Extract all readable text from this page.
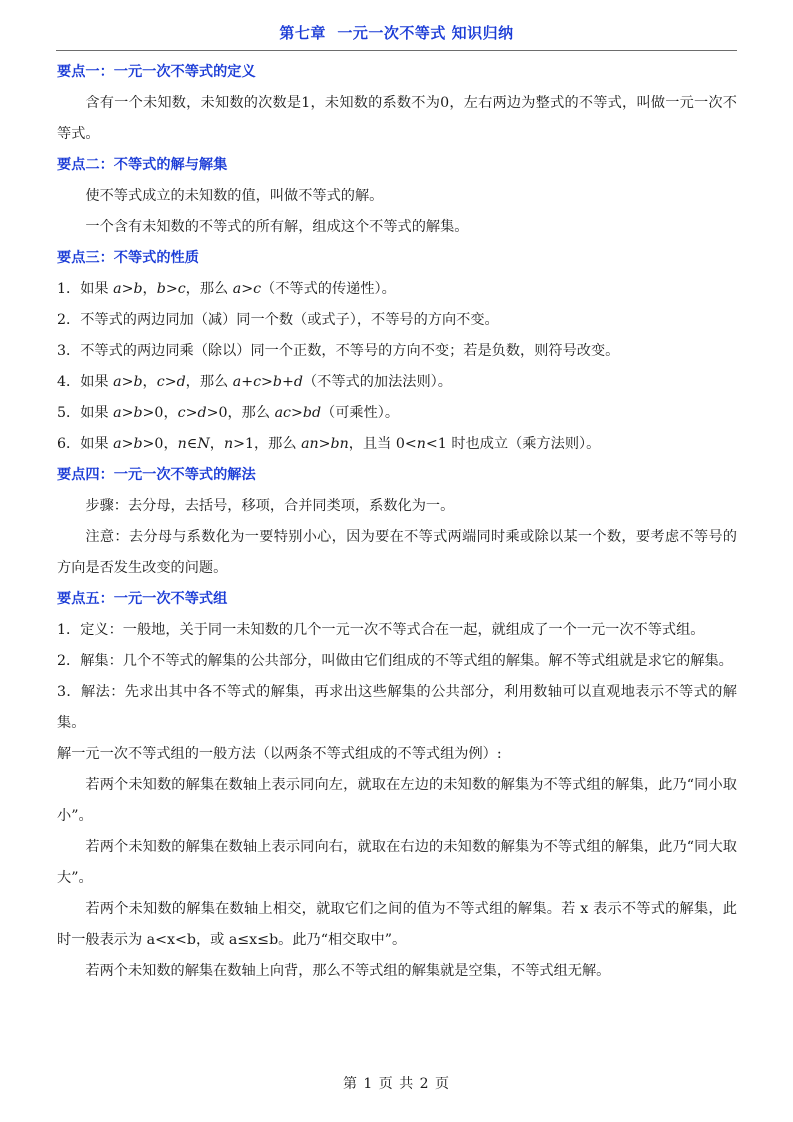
第七章  一元一次不等式 知识归纳
要点一：一元一次不等式的定义
含有一个未知数，未知数的次数是1，未知数的系数不为0，左右两边为整式的不等式，叫做一元一次不等式。
要点二：不等式的解与解集
使不等式成立的未知数的值，叫做不等式的解。
一个含有未知数的不等式的所有解，组成这个不等式的解集。
要点三：不等式的性质
1．如果 a>b，b>c，那么 a>c（不等式的传递性）。
2．不等式的两边同加（减）同一个数（或式子），不等号的方向不变。
3．不等式的两边同乘（除以）同一个正数，不等号的方向不变；若是负数，则符号改变。
4．如果 a>b，c>d，那么 a+c>b+d（不等式的加法法则）。
5．如果 a>b>0，c>d>0，那么 ac>bd（可乘性）。
6．如果 a>b>0，n∈N，n>1，那么 an>bn，且当 0<n<1 时也成立（乘方法则）。
要点四：一元一次不等式的解法
步骤：去分母，去括号，移项，合并同类项，系数化为一。
注意：去分母与系数化为一要特别小心，因为要在不等式两端同时乘或除以某一个数，要考虑不等号的方向是否发生改变的问题。
要点五：一元一次不等式组
1．定义：一般地，关于同一未知数的几个一元一次不等式合在一起，就组成了一个一元一次不等式组。
2．解集：几个不等式的解集的公共部分，叫做由它们组成的不等式组的解集。解不等式组就是求它的解集。
3．解法：先求出其中各不等式的解集，再求出这些解集的公共部分，利用数轴可以直观地表示不等式的解集。
解一元一次不等式组的一般方法（以两条不等式组成的不等式组为例）:
若两个未知数的解集在数轴上表示同向左，就取在左边的未知数的解集为不等式组的解集，此乃“同小取小”。
若两个未知数的解集在数轴上表示同向右，就取在右边的未知数的解集为不等式组的解集，此乃“同大取大”。
若两个未知数的解集在数轴上相交，就取它们之间的值为不等式组的解集。若 x 表示不等式的解集，此时一般表示为 a<x<b，或 a≤x≤b。此乃“相交取中”。
若两个未知数的解集在数轴上向背，那么不等式组的解集就是空集，不等式组无解。
第 1 页 共 2 页
